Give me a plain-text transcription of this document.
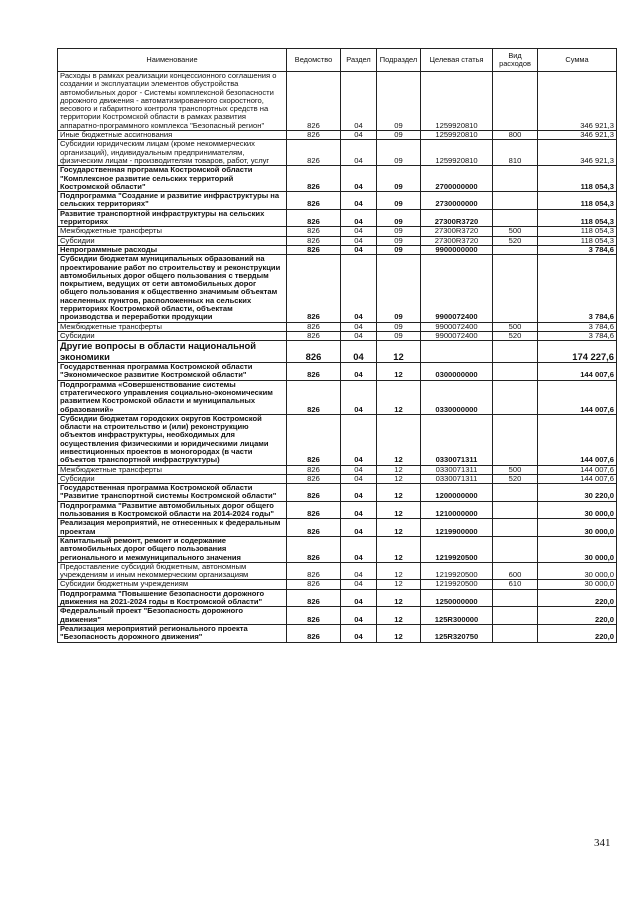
Наименование	Ведомство	Раздел	Подраздел	Целевая статья	Вид расходов	Сумма
Расходы в рамках реализации концессионного соглашения о создании и эксплуатации элементов обустройства автомобильных дорог - Системы комплексной безопасности дорожного движения - автоматизированного скоростного, весового и габаритного контроля транспортных средств на территории Костромской области в рамках развития аппаратно-программного комплекса "Безопасный регион"	826	04	09	1259920810		346 921,3
Иные бюджетные ассигнования	826	04	09	1259920810	800	346 921,3
Субсидии юридическим лицам (кроме некоммерческих организаций), индивидуальным предпринимателям, физическим лицам - производителям товаров, работ, услуг	826	04	09	1259920810	810	346 921,3
Государственная программа Костромской области "Комплексное развитие сельских территорий Костромской области"	826	04	09	2700000000		118 054,3
Подпрограмма "Создание и развитие инфраструктуры на сельских территориях"	826	04	09	2730000000		118 054,3
Развитие транспортной инфраструктуры на сельских территориях	826	04	09	27300R3720		118 054,3
Межбюджетные трансферты	826	04	09	27300R3720	500	118 054,3
Субсидии	826	04	09	27300R3720	520	118 054,3
Непрограммные расходы	826	04	09	9900000000		3 784,6
Субсидии бюджетам муниципальных образований на проектирование работ по строительству и реконструкции автомобильных дорог общего пользования с твердым покрытием, ведущих от сети автомобильных дорог общего пользования к общественно значимым объектам населенных пунктов, расположенных на сельских территориях Костромской области, объектам производства и переработки продукции	826	04	09	9900072400		3 784,6
Межбюджетные трансферты	826	04	09	9900072400	500	3 784,6
Субсидии	826	04	09	9900072400	520	3 784,6
Другие вопросы в области национальной экономики	826	04	12			174 227,6
Государственная программа Костромской области "Экономическое развитие Костромской области"	826	04	12	0300000000		144 007,6
Подпрограмма «Совершенствование системы стратегического управления социально-экономическим развитием Костромской области и муниципальных образований»	826	04	12	0330000000		144 007,6
Субсидии бюджетам городских округов Костромской области на строительство и (или) реконструкцию объектов инфраструктуры, необходимых для осуществления физическими и юридическими лицами инвестиционных проектов в моногородах (в части объектов транспортной инфраструктуры)	826	04	12	0330071311		144 007,6
Межбюджетные трансферты	826	04	12	0330071311	500	144 007,6
Субсидии	826	04	12	0330071311	520	144 007,6
Государственная программа Костромской области "Развитие транспортной системы Костромской области"	826	04	12	1200000000		30 220,0
Подпрограмма "Развитие автомобильных дорог общего пользования в Костромской области на 2014-2024 годы"	826	04	12	1210000000		30 000,0
Реализация мероприятий, не отнесенных к федеральным проектам	826	04	12	1219900000		30 000,0
Капитальный ремонт, ремонт и содержание автомобильных дорог общего пользования регионального и межмуниципального значения	826	04	12	1219920500		30 000,0
Предоставление субсидий бюджетным, автономным учреждениям и иным некоммерческим организациям	826	04	12	1219920500	600	30 000,0
Субсидии бюджетным учреждениям	826	04	12	1219920500	610	30 000,0
Подпрограмма "Повышение безопасности дорожного движения на 2021-2024 годы в Костромской области"	826	04	12	1250000000		220,0
Федеральный проект "Безопасность дорожного движения"	826	04	12	125R300000		220,0
Реализация мероприятий регионального проекта "Безопасность дорожного движения"	826	04	12	125R320750		220,0
341
